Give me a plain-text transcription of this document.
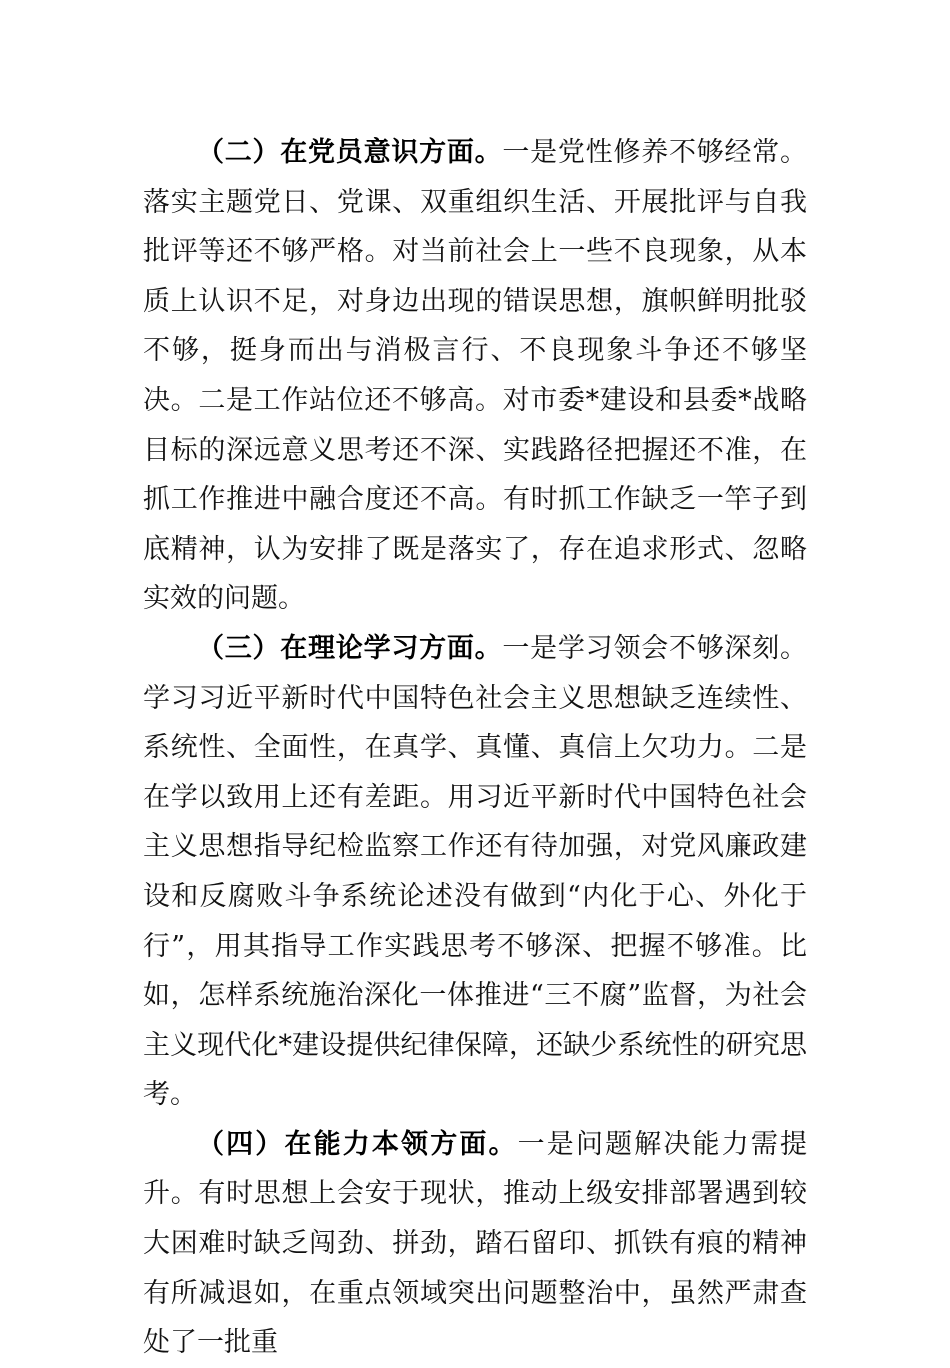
（二）在党员意识方面。一是党性修养不够经常。落实主题党日、党课、双重组织生活、开展批评与自我批评等还不够严格。对当前社会上一些不良现象，从本质上认识不足，对身边出现的错误思想，旗帜鲜明批驳不够，挺身而出与消极言行、不良现象斗争还不够坚决。二是工作站位还不够高。对市委*建设和县委*战略目标的深远意义思考还不深、实践路径把握还不准，在抓工作推进中融合度还不高。有时抓工作缺乏一竿子到底精神，认为安排了既是落实了，存在追求形式、忽略实效的问题。

（三）在理论学习方面。一是学习领会不够深刻。学习习近平新时代中国特色社会主义思想缺乏连续性、系统性、全面性，在真学、真懂、真信上欠功力。二是在学以致用上还有差距。用习近平新时代中国特色社会主义思想指导纪检监察工作还有待加强，对党风廉政建设和反腐败斗争系统论述没有做到“内化于心、外化于行”，用其指导工作实践思考不够深、把握不够准。比如，怎样系统施治深化一体推进“三不腐”监督，为社会主义现代化*建设提供纪律保障，还缺少系统性的研究思考。

（四）在能力本领方面。一是问题解决能力需提升。有时思想上会安于现状，推动上级安排部署遇到较大困难时缺乏闯劲、拼劲，踏石留印、抓铁有痕的精神有所减退如，在重点领域突出问题整治中，虽然严肃查处了一批重
